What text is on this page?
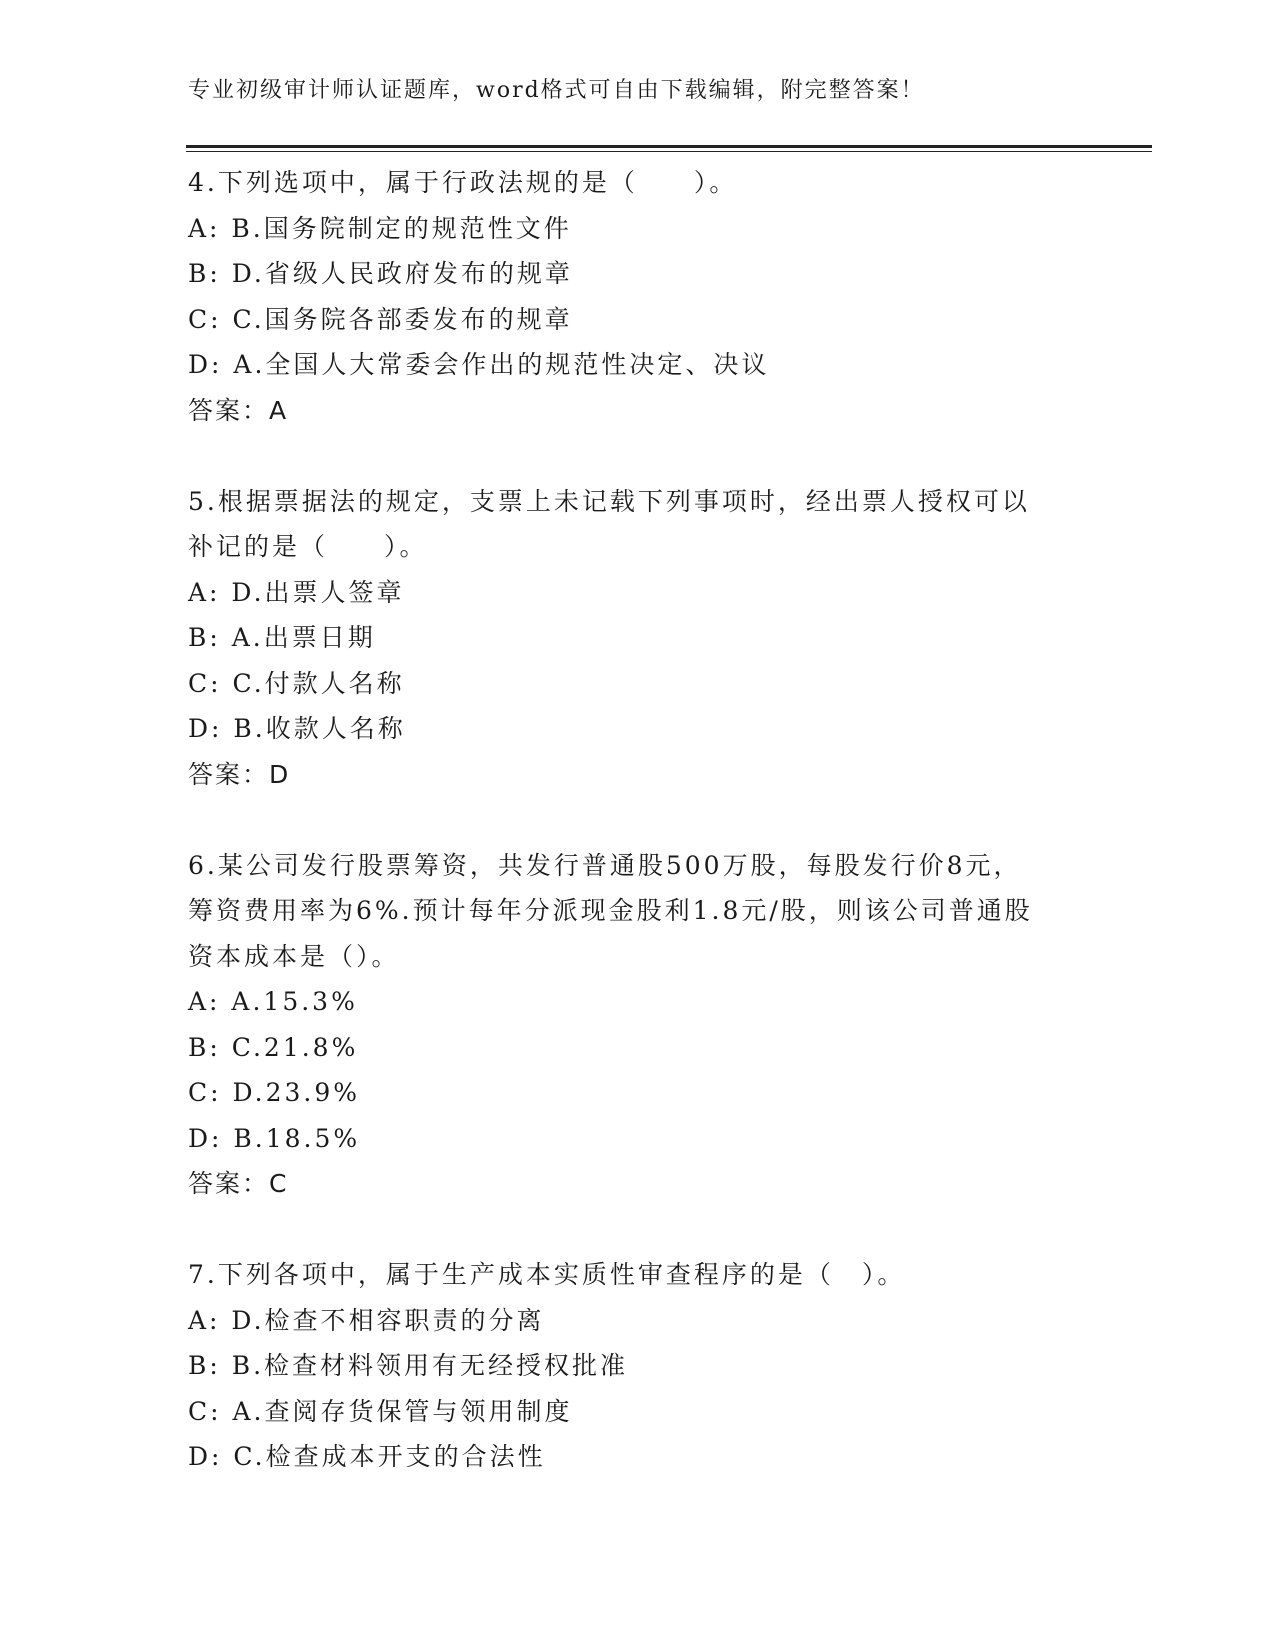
专业初级审计师认证题库，word格式可自由下载编辑，附完整答案！
4.下列选项中，属于行政法规的是（　　）。
A: B.国务院制定的规范性文件
B: D.省级人民政府发布的规章
C: C.国务院各部委发布的规章
D: A.全国人大常委会作出的规范性决定、决议
答案：A
5.根据票据法的规定，支票上未记载下列事项时，经出票人授权可以
补记的是（　　）。
A: D.出票人签章
B: A.出票日期
C: C.付款人名称
D: B.收款人名称
答案：D
6.某公司发行股票筹资，共发行普通股500万股，每股发行价8元，
筹资费用率为6%.预计每年分派现金股利1.8元/股，则该公司普通股
资本成本是（）。
A: A.15.3%
B: C.21.8%
C: D.23.9%
D: B.18.5%
答案：C
7.下列各项中，属于生产成本实质性审查程序的是（　）。
A: D.检查不相容职责的分离
B: B.检查材料领用有无经授权批准
C: A.查阅存货保管与领用制度
D: C.检查成本开支的合法性
